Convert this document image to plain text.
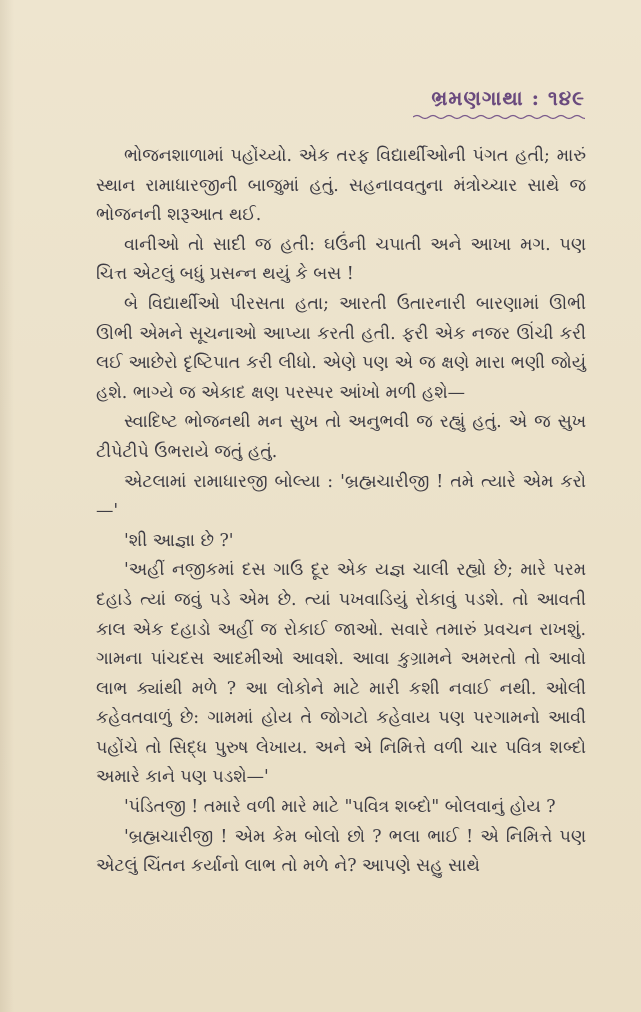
ભ્રમણગાથા : ૧૪૯

ભોજનશાળામાં પહોંચ્યો. એક તરફ વિદ્યાર્થીઓની પંગત હતી; મારું સ્થાન રામાધારજીની બાજુમાં હતું. સહનાવવતુના મંત્રોચ્ચાર સાથે જ ભોજનની શરૂઆત થઈ.

વાનીઓ તો સાદી જ હતી: ઘઉંની ચપાતી અને આખા મગ. પણ ચિત્ત એટલું બધું પ્રસન્ન થયું કે બસ !

બે વિદ્યાર્થીઓ પીરસતા હતા; આરતી ઉતારનારી બારણામાં ઊભી ઊભી એમને સૂચનાઓ આપ્યા કરતી હતી. ફરી એક નજર ઊંચી કરી લઈ આછેરો દૃષ્ટિપાત કરી લીધો. એણે પણ એ જ ક્ષણે મારા ભણી જોયું હશે. ભાગ્યે જ એકાદ ક્ષણ પરસ્પર આંખો મળી હશે—

સ્વાદિષ્ટ ભોજનથી મન સુખ તો અનુભવી જ રહ્યું હતું. એ જ સુખ ટીપેટીપે ઉભરાયે જતું હતું.

એટલામાં રામાધારજી બોલ્યા : 'બ્રહ્મચારીજી ! તમે ત્યારે એમ કરો—'

'શી આજ્ઞા છે ?'

'અહીં નજીકમાં દસ ગાઉ દૂર એક યજ્ઞ ચાલી રહ્યો છે; મારે પરમ દહાડે ત્યાં જવું પડે એમ છે. ત્યાં પખવાડિયું રોકાવું પડશે. તો આવતી કાલ એક દહાડો અહીં જ રોકાઈ જાઓ. સવારે તમારું પ્રવચન રાખશું. ગામના પાંચદસ આદમીઓ આવશે. આવા કુગ્રામને અમરતો તો આવો લાભ ક્યાંથી મળે ? આ લોકોને માટે મારી કશી નવાઈ નથી. ઓલી કહેવતવાળું છે: ગામમાં હોય તે જોગટો કહેવાય પણ પરગામનો આવી પહોંચે તો સિદ્ધ પુરુષ લેખાય. અને એ નિમિત્તે વળી ચાર પવિત્ર શબ્દો અમારે કાને પણ પડશે—'

'પંડિતજી ! તમારે વળી મારે માટે "પવિત્ર શબ્દો" બોલવાનું હોય ?

'બ્રહ્મચારીજી ! એમ કેમ બોલો છો ? ભલા ભાઈ ! એ નિમિત્તે પણ એટલું ચિંતન કર્યાનો લાભ તો મળે ને? આપણે સહુ સાથે
